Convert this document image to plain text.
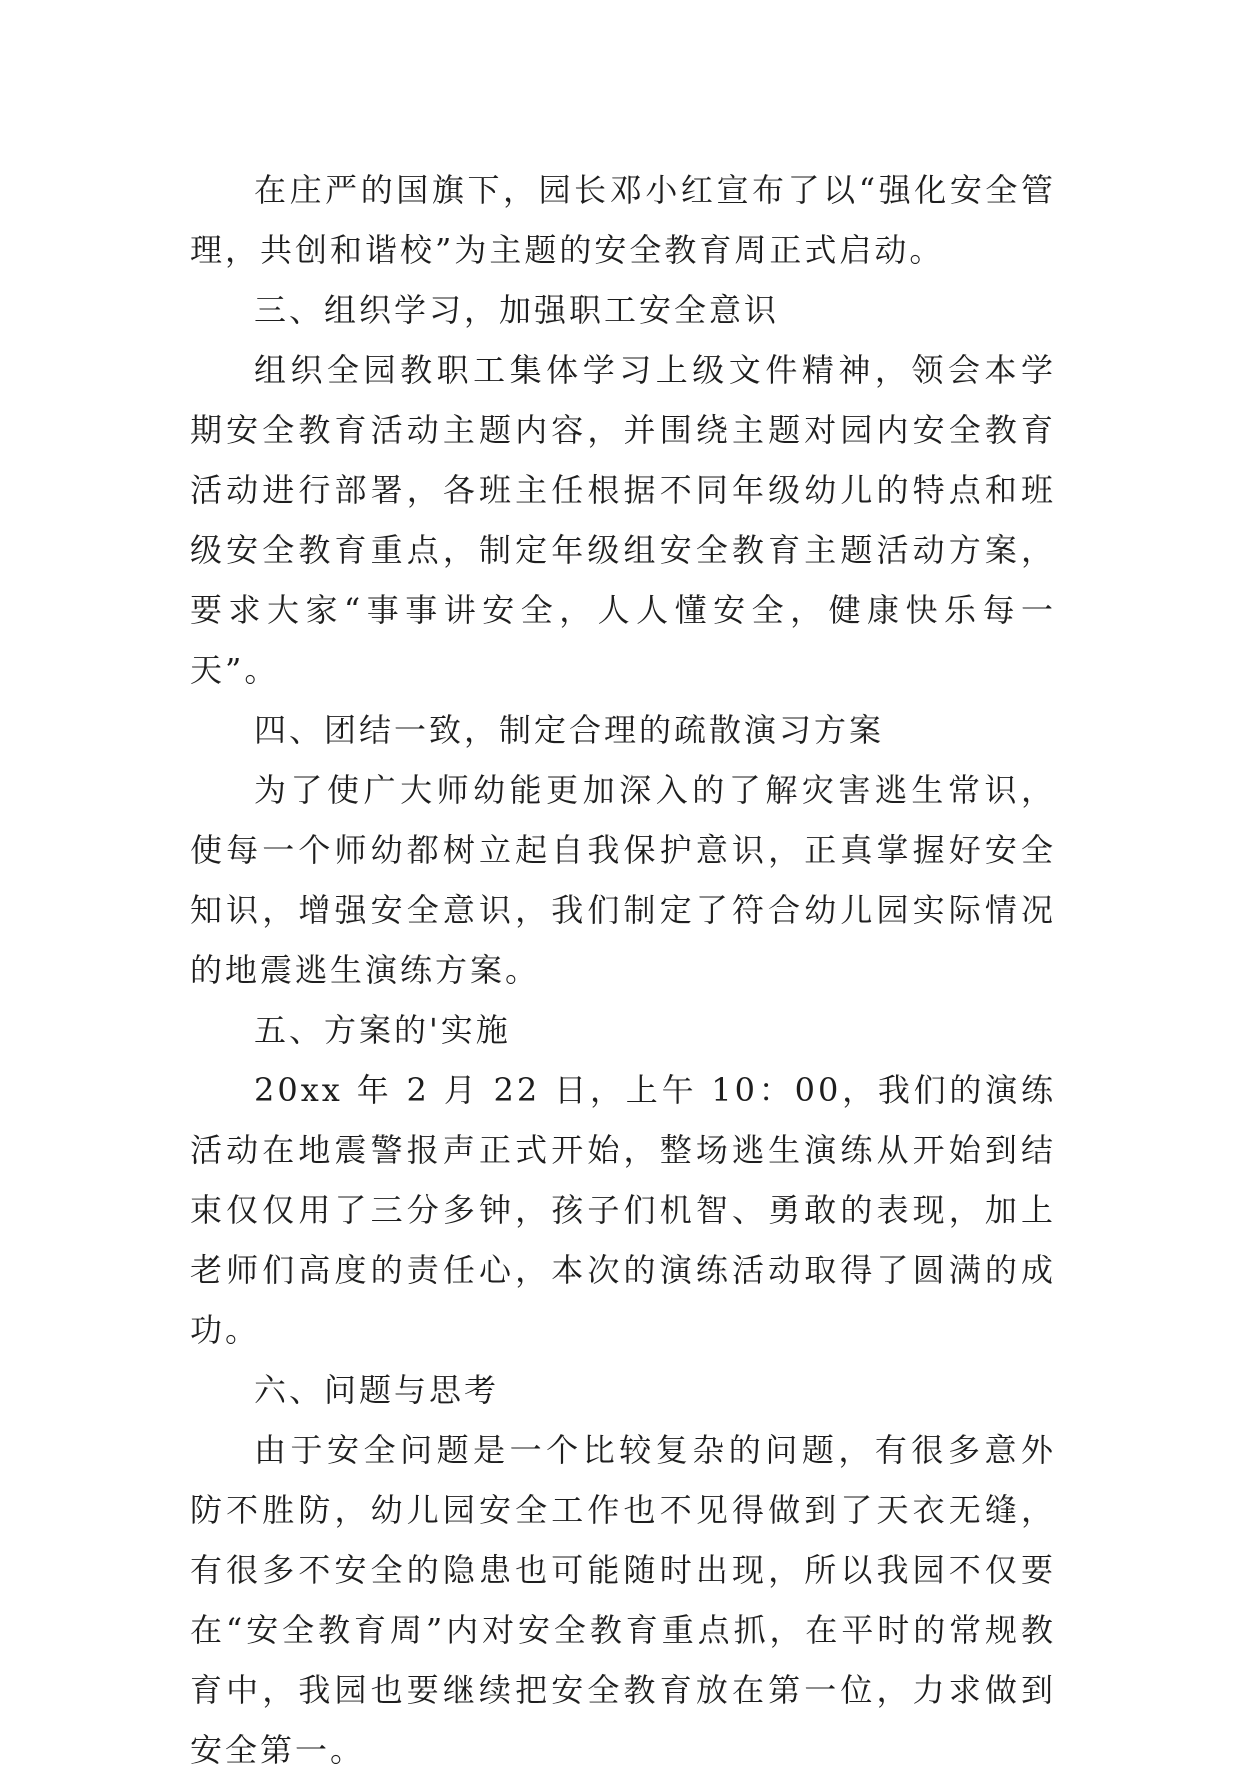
在庄严的国旗下，园长邓小红宣布了以“强化安全管理，共创和谐校”为主题的安全教育周正式启动。

三、组织学习，加强职工安全意识

组织全园教职工集体学习上级文件精神，领会本学期安全教育活动主题内容，并围绕主题对园内安全教育活动进行部署，各班主任根据不同年级幼儿的特点和班级安全教育重点，制定年级组安全教育主题活动方案，要求大家“事事讲安全，人人懂安全，健康快乐每一天”。

四、团结一致，制定合理的疏散演习方案

为了使广大师幼能更加深入的了解灾害逃生常识，使每一个师幼都树立起自我保护意识，正真掌握好安全知识，增强安全意识，我们制定了符合幼儿园实际情况的地震逃生演练方案。

五、方案的'实施

20xx 年 2 月 22 日，上午 10：00，我们的演练活动在地震警报声正式开始，整场逃生演练从开始到结束仅仅用了三分多钟，孩子们机智、勇敢的表现，加上老师们高度的责任心，本次的演练活动取得了圆满的成功。

六、问题与思考

由于安全问题是一个比较复杂的问题，有很多意外防不胜防，幼儿园安全工作也不见得做到了天衣无缝，有很多不安全的隐患也可能随时出现，所以我园不仅要在“安全教育周”内对安全教育重点抓，在平时的常规教育中，我园也要继续把安全教育放在第一位，力求做到安全第一。
